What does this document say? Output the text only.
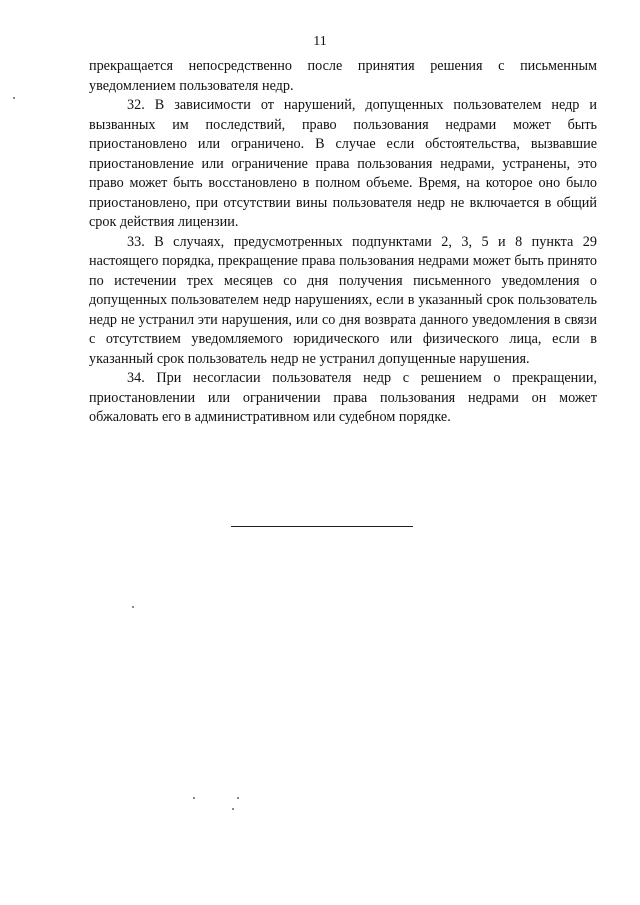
11

прекращается непосредственно после принятия решения с письменным уведомлением пользователя недр.

32. В зависимости от нарушений, допущенных пользователем недр и вызванных им последствий, право пользования недрами может быть приостановлено или ограничено. В случае если обстоятельства, вызвавшие приостановление или ограничение права пользования недрами, устранены, это право может быть восстановлено в полном объеме. Время, на которое оно было приостановлено, при отсутствии вины пользователя недр не включается в общий срок действия лицензии.

33. В случаях, предусмотренных подпунктами 2, 3, 5 и 8 пункта 29 настоящего порядка, прекращение права пользования недрами может быть принято по истечении трех месяцев со дня получения письменного уведомления о допущенных пользователем недр нарушениях, если в указанный срок пользователь недр не устранил эти нарушения, или со дня возврата данного уведомления в связи с отсутствием уведомляемого юридического или физического лица, если в указанный срок пользователь недр не устранил допущенные нарушения.

34. При несогласии пользователя недр с решением о прекращении, приостановлении или ограничении права пользования недрами он может обжаловать его в административном или судебном порядке.
